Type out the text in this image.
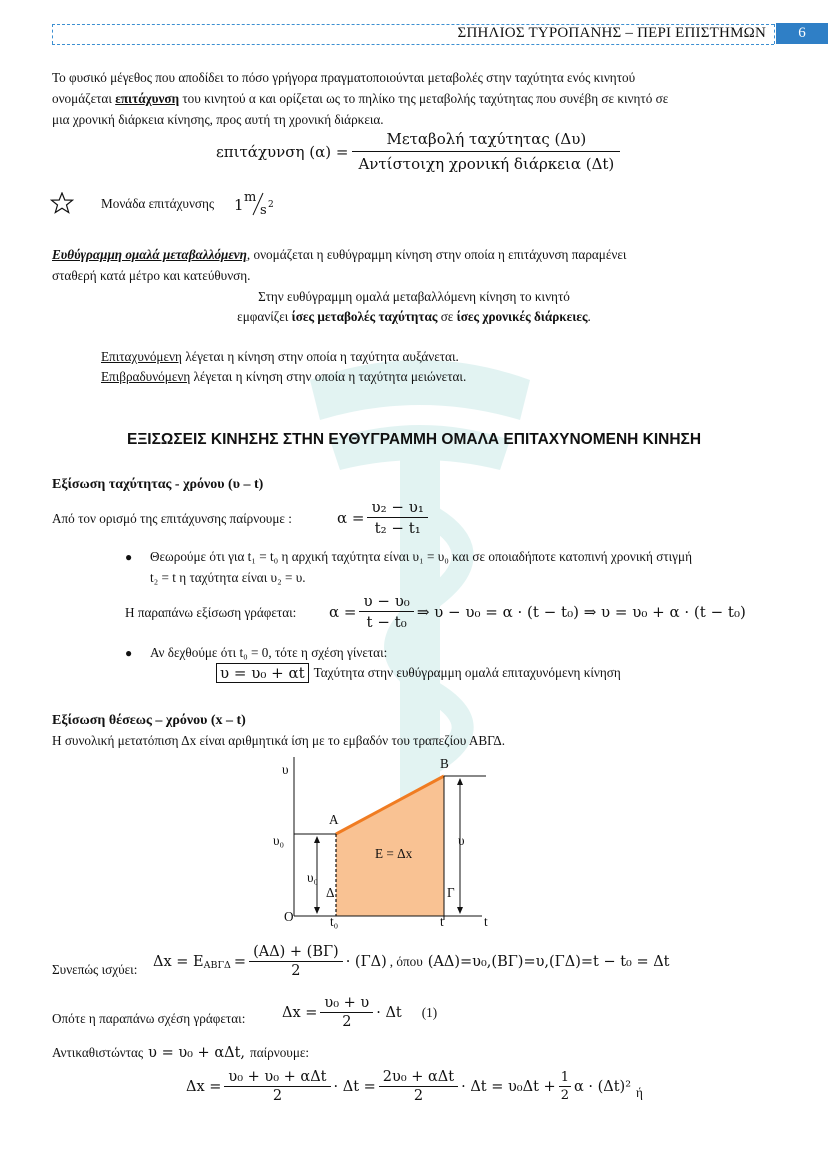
ΣΠΗΛΙΟΣ ΤΥΡΟΠΑΝΗΣ – ΠΕΡΙ ΕΠΙΣΤΗΜΩΝ	6

Το φυσικό μέγεθος που αποδίδει το πόσο γρήγορα πραγματοποιούνται μεταβολές στην ταχύτητα ενός κινητού

ονομάζεται επιτάχυνση του κινητού α και ορίζεται ως το πηλίκο της μεταβολής ταχύτητας που συνέβη σε κινητό σε

μια χρονική διάρκεια κίνησης, προς αυτή τη χρονική διάρκεια.

επιτάχυνση $(\alpha) = \frac{\text{Μεταβολή ταχύτητας (Δυ)}}{\text{Αντίστοιχη χρονική διάρκεια (Δt)}}$
Μονάδα επιτάχυνσης 1 m
s 2

Ευθύγραμμη ομαλά μεταβαλλόμενη, ονομάζεται η ευθύγραμμη κίνηση στην οποία η επιτάχυνση παραμένει

σταθερή κατά μέτρο και κατεύθυνση.

Στην ευθύγραμμη ομαλά μεταβαλλόμενη κίνηση το κινητό

εμφανίζει ίσες μεταβολές ταχύτητας σε ίσες χρονικές διάρκειες.

Επιταχυνόμενη λέγεται η κίνηση στην οποία η ταχύτητα αυξάνεται.

Επιβραδυνόμενη λέγεται η κίνηση στην οποία η ταχύτητα μειώνεται.

ΕΞΙΣΩΣΕΙΣ ΚΙΝΗΣΗΣ ΣΤΗΝ ΕΥΘΥΓΡΑΜΜΗ ΟΜΑΛΑ ΕΠΙΤΑΧΥΝΟΜΕΝΗ ΚΙΝΗΣΗ
Εξίσωση ταχύτητας - χρόνου (υ – t)
Από τον ορισμό της επιτάχυνσης παίρνουμε :	$\alpha = \frac{\text{υ₂ − υ₁}}{\text{t₂ − t₁}}$
● Θεωρούμε ότι για t₁ = t₀ η αρχική ταχύτητα είναι υ₁ = υ₀ και σε οποιαδήποτε κατοπινή χρονική στιγμή

t₂ = t η ταχύτητα είναι υ₂ = υ.

Η παραπάνω εξίσωση γράφεται: $\alpha = \frac{\text{υ − υ₀}}{\text{t − t₀}}$ ⇒ υ − υ₀ = α · (t − t₀) ⇒ υ = υ₀ + α · (t − t₀)
● Αν δεχθούμε ότι t₀ = 0, τότε η σχέση γίνεται:

υ = υ₀ + αt Ταχύτητα στην ευθύγραμμη ομαλά επιταχυνόμενη κίνηση
Εξίσωση θέσεως – χρόνου (x – t)

Η συνολική μετατόπιση Δx είναι αριθμητικά ίση με το εμβαδόν του τραπεζίου ΑΒΓΔ.

υ	B
A
υ₀	υ
E = Δx
υ₀
Δ	Γ
O	t₀	t	t
Συνεπώς ισχύει: $\Delta x = E_{AB\Gamma\Delta} = \frac{(A\Delta) + (B\Gamma)}{2} \cdot (\Gamma\Delta)$ , όπου (ΑΔ)=υ₀,(ΒΓ)=υ,(ΓΔ)=t − t₀ = Δt
Οπότε η παραπάνω σχέση γράφεται:	$\Delta x = \frac{\text{υ₀ + υ}}{2} \cdot \Delta t$ (1)
Αντικαθιστώντας υ = υ₀ + αΔt, παίρνουμε:
$\Delta x = \frac{\text{υ₀ + υ₀ + αΔt}}{2} \cdot \Delta t = \frac{\text{2υ₀ + αΔt}}{2} \cdot \Delta t = \upsilon_0\Delta t + \frac{1}{2}$ α · (Δt)² ή
